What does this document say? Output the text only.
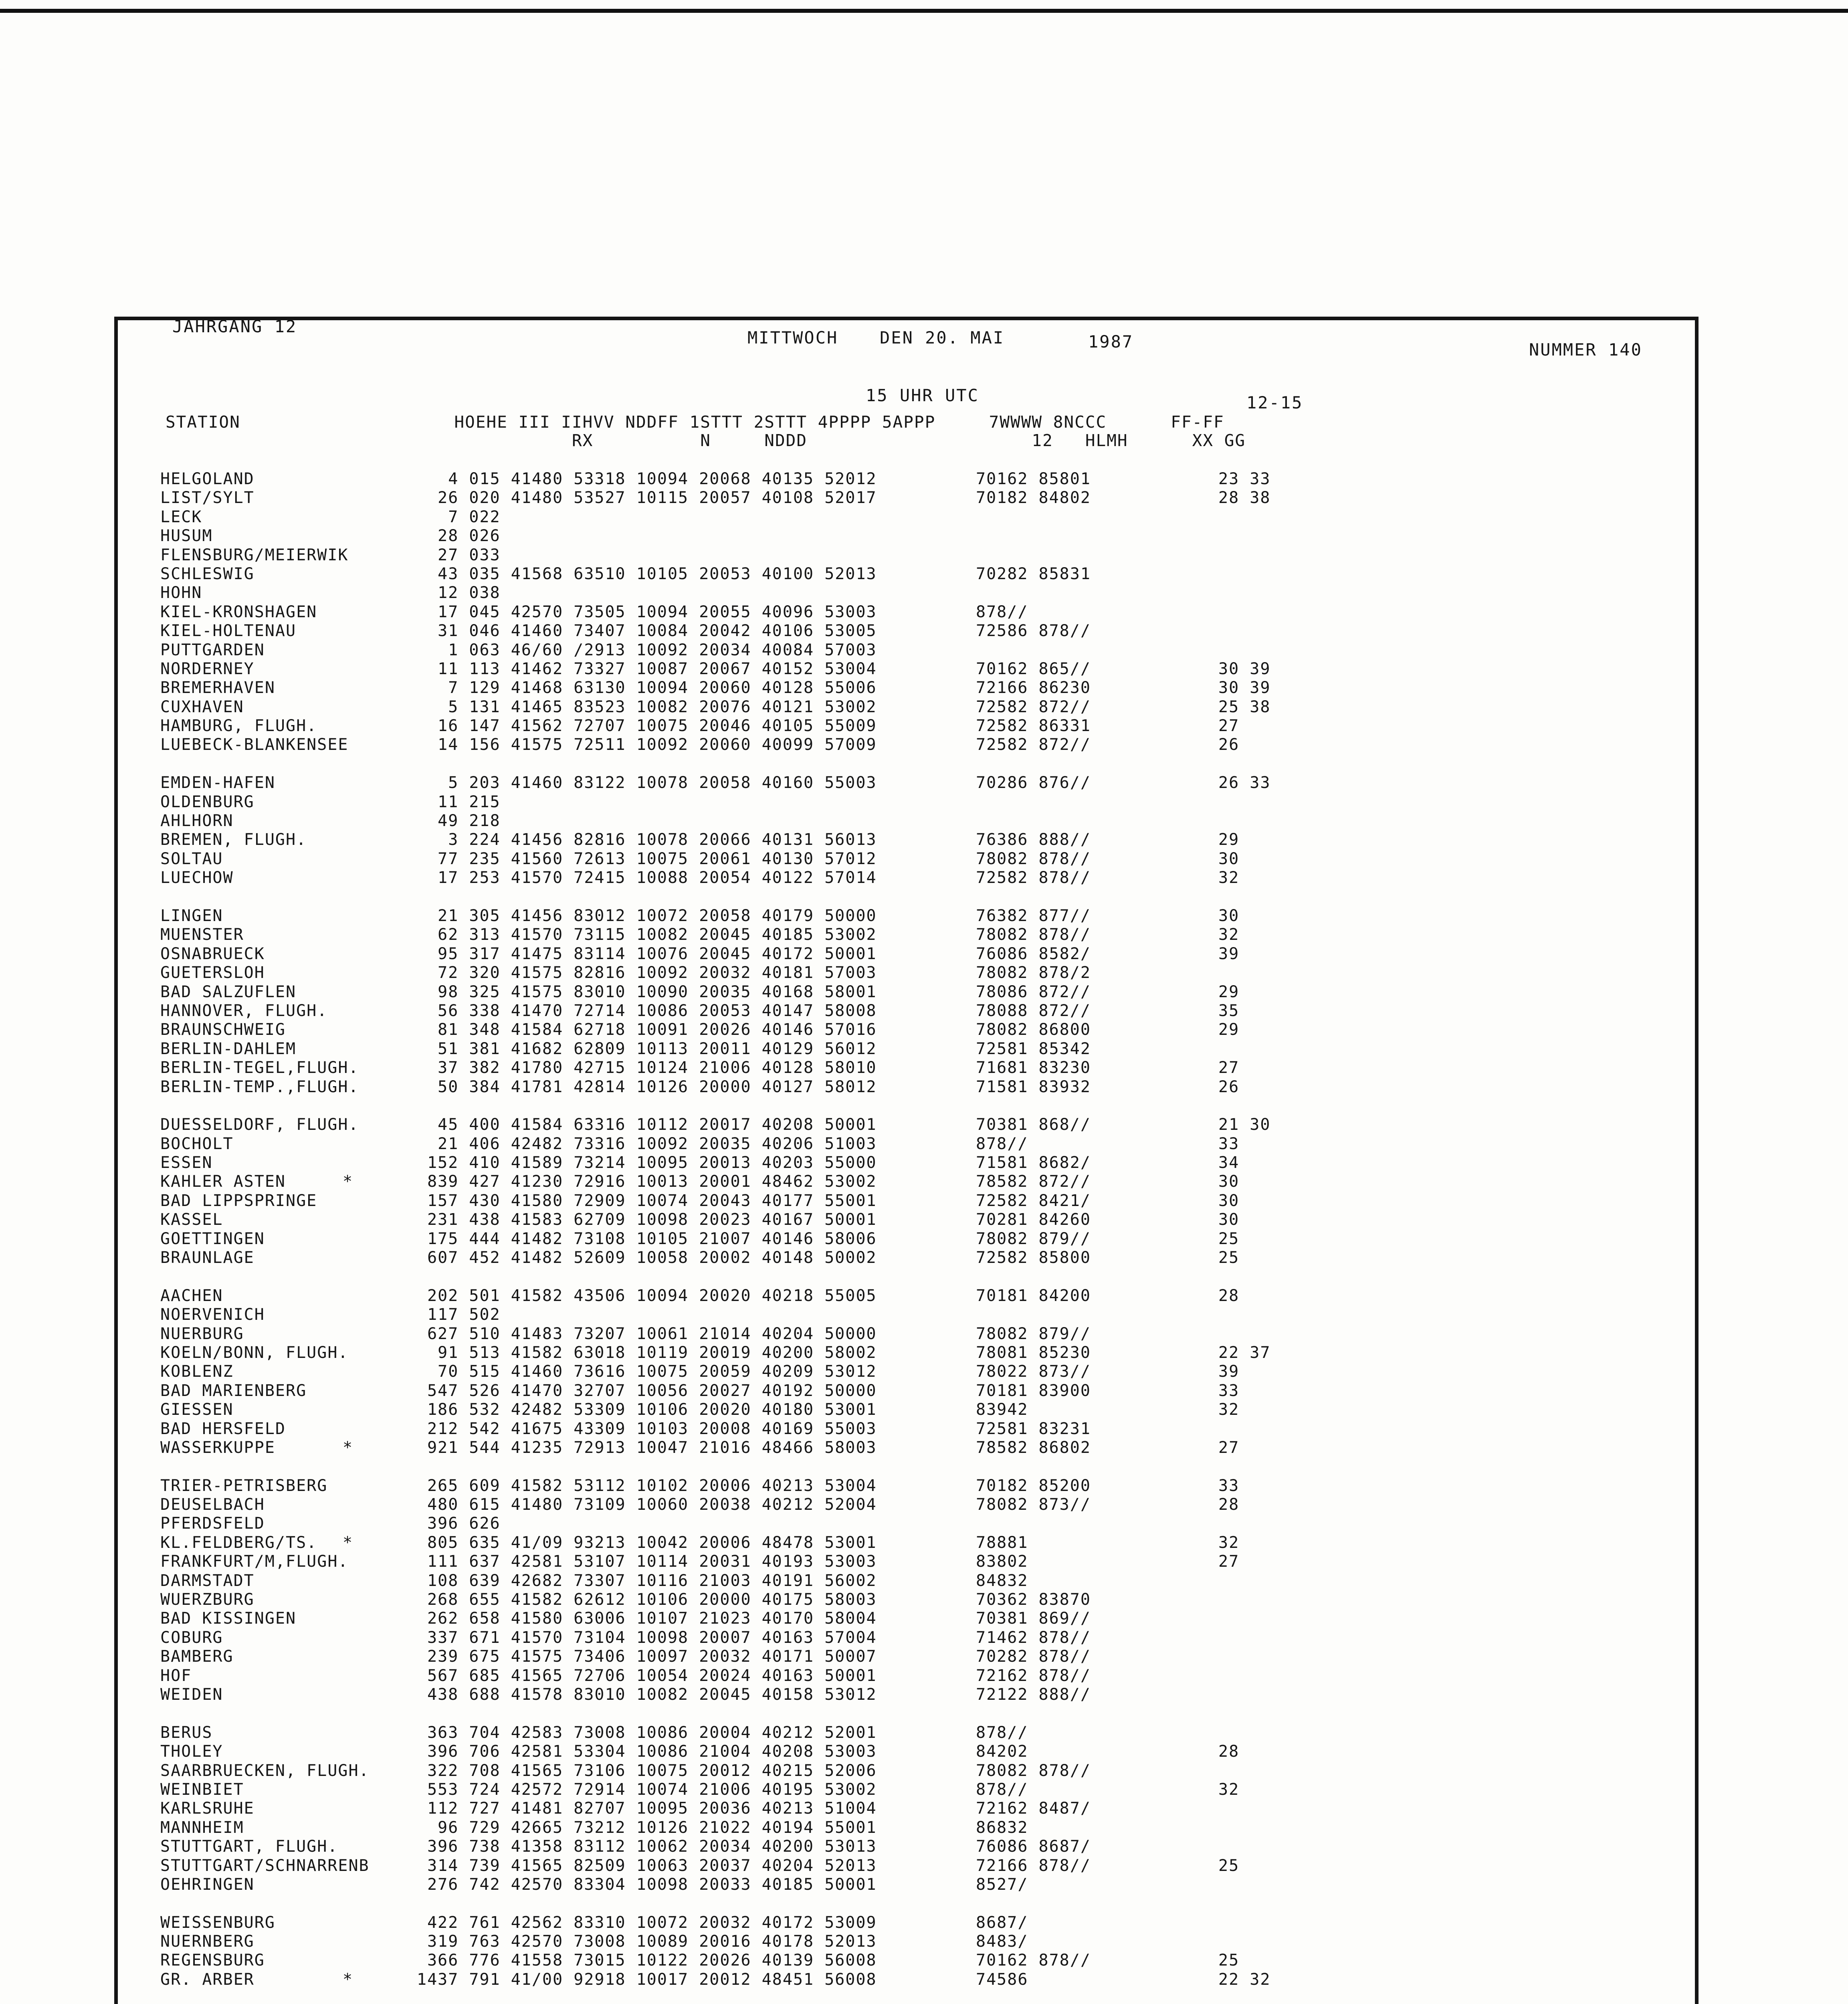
JAHRGANG 12
MITTWOCH DEN 20. MAI	1987	NUMMER 140
15 UHR UTC	12-15
STATION                    HOEHE III IIHVV NDDFF 1STTT 2STTT 4PPPP 5APPP     7WWWW 8NCCC      FF-FF
RX          N     NDDD                     12   HLMH      XX GG
HELGOLAND	4 015 41480 53318 10094 20068 40135 52012	70162 85801	23 33
LIST/SYLT	26 020 41480 53527 10115 20057 40108 52017	70182 84802	28 38
LECK	7 022
HUSUM	28 026
FLENSBURG/MEIERWIK	27 033
SCHLESWIG	43 035 41568 63510 10105 20053 40100 52013	70282 85831
HOHN	12 038
KIEL-KRONSHAGEN	17 045 42570 73505 10094 20055 40096 53003	878//
KIEL-HOLTENAU	31 046 41460 73407 10084 20042 40106 53005	72586 878//
PUTTGARDEN	1 063 46/60 /2913 10092 20034 40084 57003
NORDERNEY	11 113 41462 73327 10087 20067 40152 53004	70162 865//	30 39
BREMERHAVEN	7 129 41468 63130 10094 20060 40128 55006	72166 86230	30 39
CUXHAVEN	5 131 41465 83523 10082 20076 40121 53002	72582 872//	25 38
HAMBURG, FLUGH.	16 147 41562 72707 10075 20046 40105 55009	72582 86331	27
LUEBECK-BLANKENSEE	14 156 41575 72511 10092 20060 40099 57009	72582 872//	26
EMDEN-HAFEN	5 203 41460 83122 10078 20058 40160 55003	70286 876//	26 33
OLDENBURG	11 215
AHLHORN	49 218
BREMEN, FLUGH.	3 224 41456 82816 10078 20066 40131 56013	76386 888//	29
SOLTAU	77 235 41560 72613 10075 20061 40130 57012	78082 878//	30
LUECHOW	17 253 41570 72415 10088 20054 40122 57014	72582 878//	32
LINGEN	21 305 41456 83012 10072 20058 40179 50000	76382 877//	30
MUENSTER	62 313 41570 73115 10082 20045 40185 53002	78082 878//	32
OSNABRUECK	95 317 41475 83114 10076 20045 40172 50001	76086 8582/	39
GUETERSLOH	72 320 41575 82816 10092 20032 40181 57003	78082 878/2
BAD SALZUFLEN	98 325 41575 83010 10090 20035 40168 58001	78086 872//	29
HANNOVER, FLUGH.	56 338 41470 72714 10086 20053 40147 58008	78088 872//	35
BRAUNSCHWEIG	81 348 41584 62718 10091 20026 40146 57016	78082 86800	29
BERLIN-DAHLEM	51 381 41682 62809 10113 20011 40129 56012	72581 85342
BERLIN-TEGEL,FLUGH.	37 382 41780 42715 10124 21006 40128 58010	71681 83230	27
BERLIN-TEMP.,FLUGH.	50 384 41781 42814 10126 20000 40127 58012	71581 83932	26
DUESSELDORF, FLUGH.	45 400 41584 63316 10112 20017 40208 50001	70381 868//	21 30
BOCHOLT	21 406 42482 73316 10092 20035 40206 51003	878//	33
ESSEN	152 410 41589 73214 10095 20013 40203 55000	71581 8682/	34
KAHLER ASTEN	*	839 427 41230 72916 10013 20001 48462 53002	78582 872//	30
BAD LIPPSPRINGE	157 430 41580 72909 10074 20043 40177 55001	72582 8421/	30
KASSEL	231 438 41583 62709 10098 20023 40167 50001	70281 84260	30
GOETTINGEN	175 444 41482 73108 10105 21007 40146 58006	78082 879//	25
BRAUNLAGE	607 452 41482 52609 10058 20002 40148 50002	72582 85800	25
AACHEN	202 501 41582 43506 10094 20020 40218 55005	70181 84200	28
NOERVENICH	117 502
NUERBURG	627 510 41483 73207 10061 21014 40204 50000	78082 879//
KOELN/BONN, FLUGH.	91 513 41582 63018 10119 20019 40200 58002	78081 85230	22 37
KOBLENZ	70 515 41460 73616 10075 20059 40209 53012	78022 873//	39
BAD MARIENBERG	547 526 41470 32707 10056 20027 40192 50000	70181 83900	33
GIESSEN	186 532 42482 53309 10106 20020 40180 53001	83942	32
BAD HERSFELD	212 542 41675 43309 10103 20008 40169 55003	72581 83231
WASSERKUPPE	*	921 544 41235 72913 10047 21016 48466 58003	78582 86802	27
TRIER-PETRISBERG	265 609 41582 53112 10102 20006 40213 53004	70182 85200	33
DEUSELBACH	480 615 41480 73109 10060 20038 40212 52004	78082 873//	28
PFERDSFELD	396 626
KL.FELDBERG/TS. *	805 635 41/09 93213 10042 20006 48478 53001	78881	32
FRANKFURT/M,FLUGH.	111 637 42581 53107 10114 20031 40193 53003	83802	27
DARMSTADT	108 639 42682 73307 10116 21003 40191 56002	84832
WUERZBURG	268 655 41582 62612 10106 20000 40175 58003	70362 83870
BAD KISSINGEN	262 658 41580 63006 10107 21023 40170 58004	70381 869//
COBURG	337 671 41570 73104 10098 20007 40163 57004	71462 878//
BAMBERG	239 675 41575 73406 10097 20032 40171 50007	70282 878//
HOF	567 685 41565 72706 10054 20024 40163 50001	72162 878//
WEIDEN	438 688 41578 83010 10082 20045 40158 53012	72122 888//
BERUS	363 704 42583 73008 10086 20004 40212 52001	878//
THOLEY	396 706 42581 53304 10086 21004 40208 53003	84202	28
SAARBRUECKEN, FLUGH.	322 708 41565 73106 10075 20012 40215 52006	78082 878//
WEINBIET	553 724 42572 72914 10074 21006 40195 53002	878//	32
KARLSRUHE	112 727 41481 82707 10095 20036 40213 51004	72162 8487/
MANNHEIM	96 729 42665 73212 10126 21022 40194 55001	86832
STUTTGART, FLUGH.	396 738 41358 83112 10062 20034 40200 53013	76086 8687/
STUTTGART/SCHNARRENB	314 739 41565 82509 10063 20037 40204 52013	72166 878//	25
OEHRINGEN	276 742 42570 83304 10098 20033 40185 50001	8527/
WEISSENBURG	422 761 42562 83310 10072 20032 40172 53009	8687/
NUERNBERG	319 763 42570 73008 10089 20016 40178 52013	8483/
REGENSBURG	366 776 41558 73015 10122 20026 40139 56008	70162 878//	25
GR. ARBER	*	1437 791 41/00 92918 10017 20012 48451 56008	74586	22 32
